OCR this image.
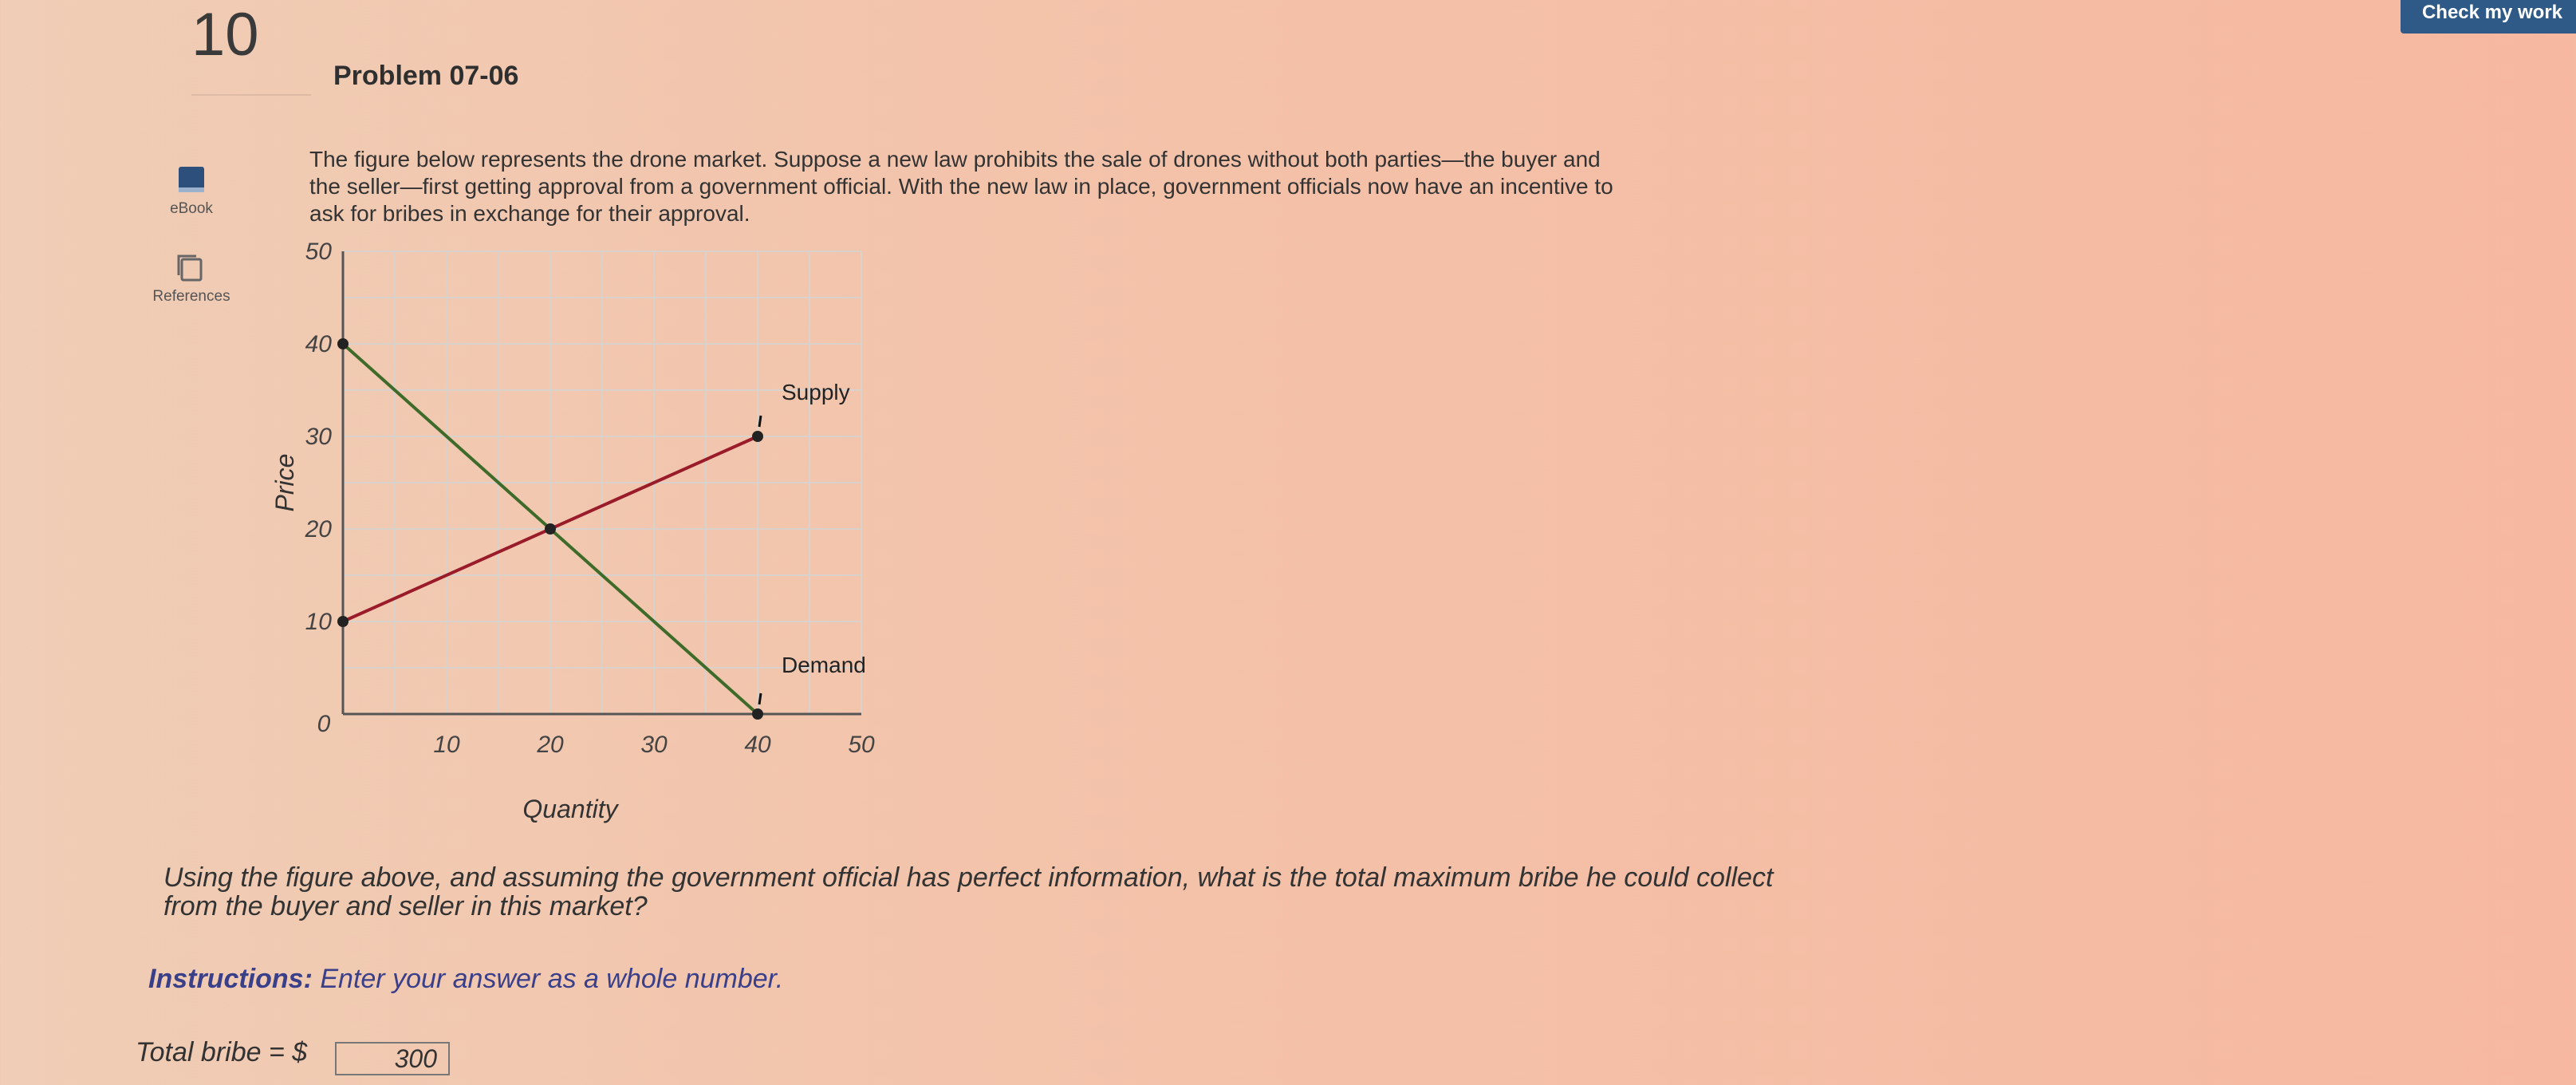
10	Check my work
eBook
References
Problem 07-06
The figure below represents the drone market. Suppose a new law prohibits the sale of drones without both parties—the buyer and
the seller—first getting approval from a government official. With the new law in place, government officials now have an incentive to
ask for bribes in exchange for their approval.
10	20	30	40	50
10
20
30
40
50
0
Quantity
Price
Supply
Demand
Using the figure above, and assuming the government official has perfect information, what is the total maximum bribe he could collect
from the buyer and seller in this market?
Instructions: Enter your answer as a whole number.
Total bribe = $
300
